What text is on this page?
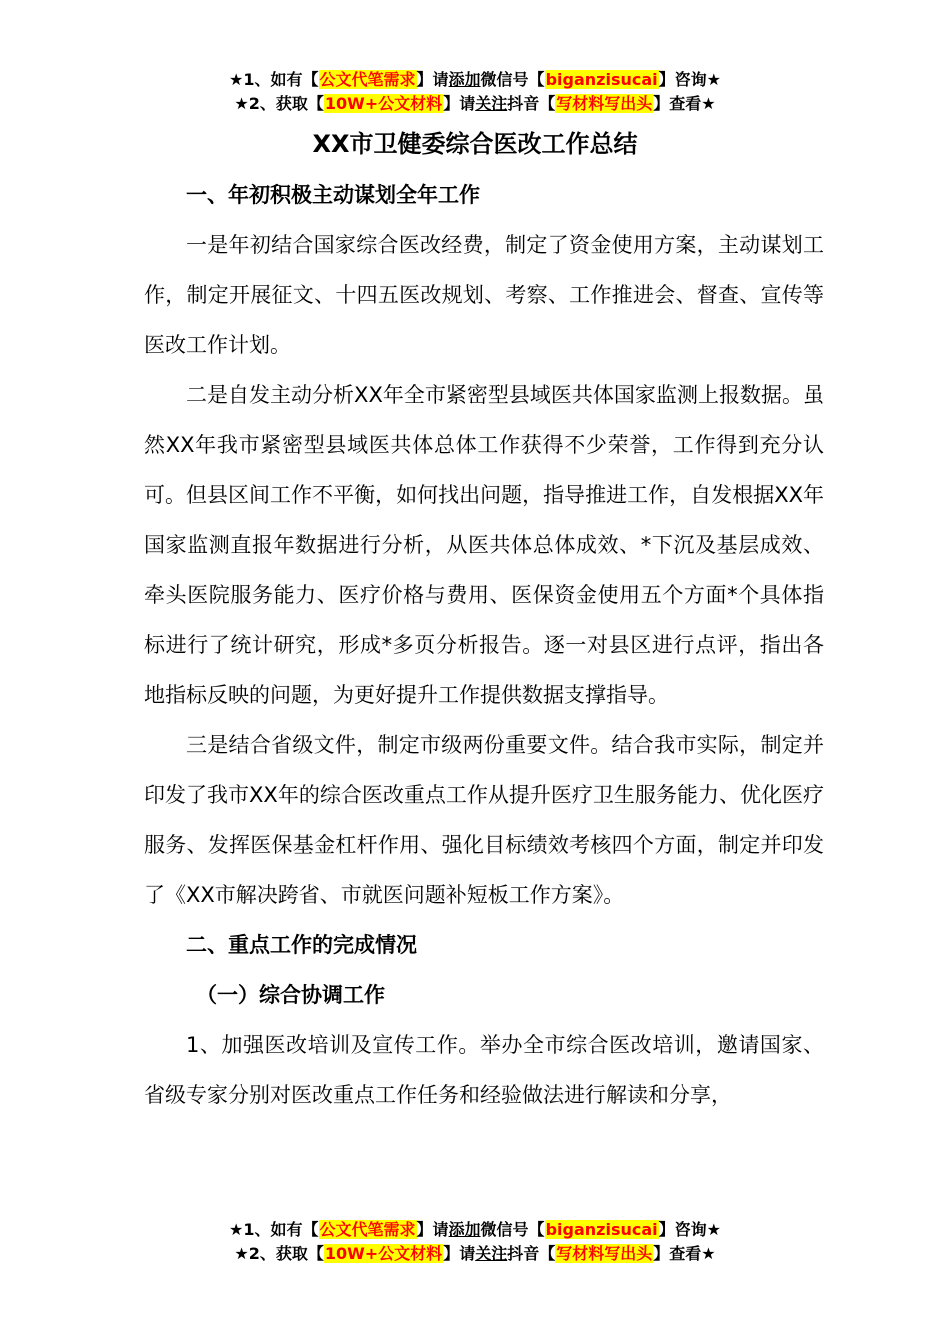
★1、如有【公文代笔需求】请添加微信号【biganzisucai】咨询★
★2、获取【10W+公文材料】请关注抖音【写材料写出头】查看★
XX市卫健委综合医改工作总结
一、年初积极主动谋划全年工作

一是年初结合国家综合医改经费，制定了资金使用方案，主动谋划工作，制定开展征文、十四五医改规划、考察、工作推进会、督查、宣传等医改工作计划。

二是自发主动分析XX年全市紧密型县域医共体国家监测上报数据。虽然XX年我市紧密型县域医共体总体工作获得不少荣誉，工作得到充分认可。但县区间工作不平衡，如何找出问题，指导推进工作，自发根据XX年国家监测直报年数据进行分析，从医共体总体成效、*下沉及基层成效、牵头医院服务能力、医疗价格与费用、医保资金使用五个方面*个具体指标进行了统计研究，形成*多页分析报告。逐一对县区进行点评，指出各地指标反映的问题，为更好提升工作提供数据支撑指导。

三是结合省级文件，制定市级两份重要文件。结合我市实际，制定并印发了我市XX年的综合医改重点工作从提升医疗卫生服务能力、优化医疗服务、发挥医保基金杠杆作用、强化目标绩效考核四个方面，制定并印发了《XX市解决跨省、市就医问题补短板工作方案》。

二、重点工作的完成情况
（一）综合协调工作

1、加强医改培训及宣传工作。举办全市综合医改培训，邀请国家、省级专家分别对医改重点工作任务和经验做法进行解读和分享，

★1、如有【公文代笔需求】请添加微信号【biganzisucai】咨询★
★2、获取【10W+公文材料】请关注抖音【写材料写出头】查看★
